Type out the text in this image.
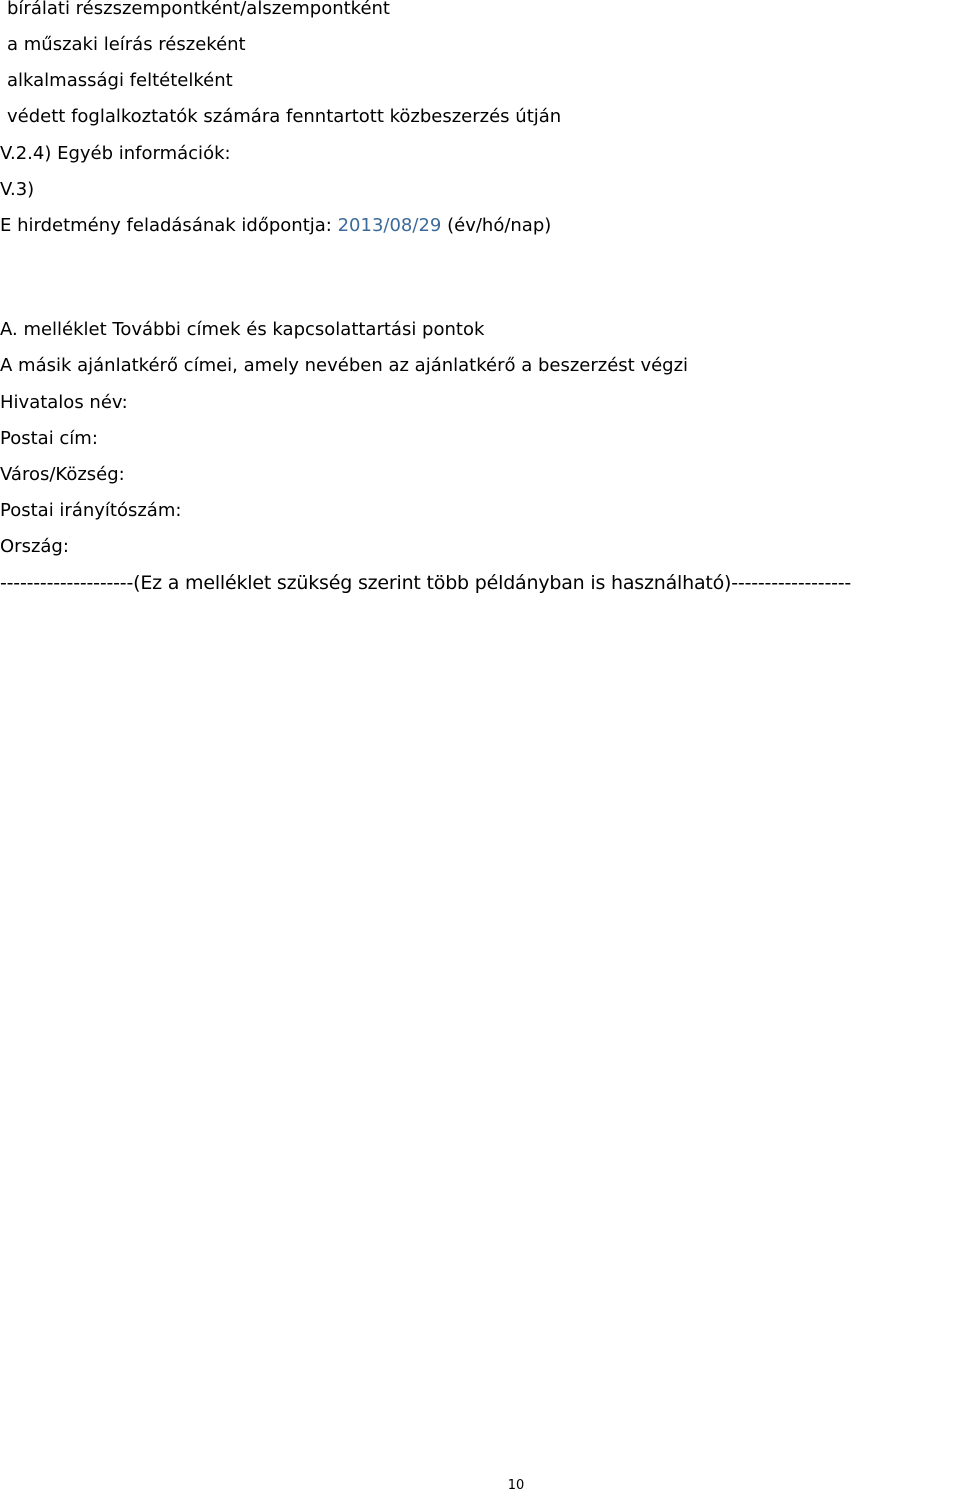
bírálati részszempontként/alszempontként
a műszaki leírás részeként
alkalmassági feltételként
védett foglalkoztatók számára fenntartott közbeszerzés útján
V.2.4) Egyéb információk:
V.3)
E hirdetmény feladásának időpontja: 2013/08/29 (év/hó/nap)
A. melléklet További címek és kapcsolattartási pontok
A másik ajánlatkérő címei, amely nevében az ajánlatkérő a beszerzést végzi
Hivatalos név:
Postai cím:
Város/Község:
Postai irányítószám:
Ország:
--------------------(Ez a melléklet szükség szerint több példányban is használható)------------------
10
